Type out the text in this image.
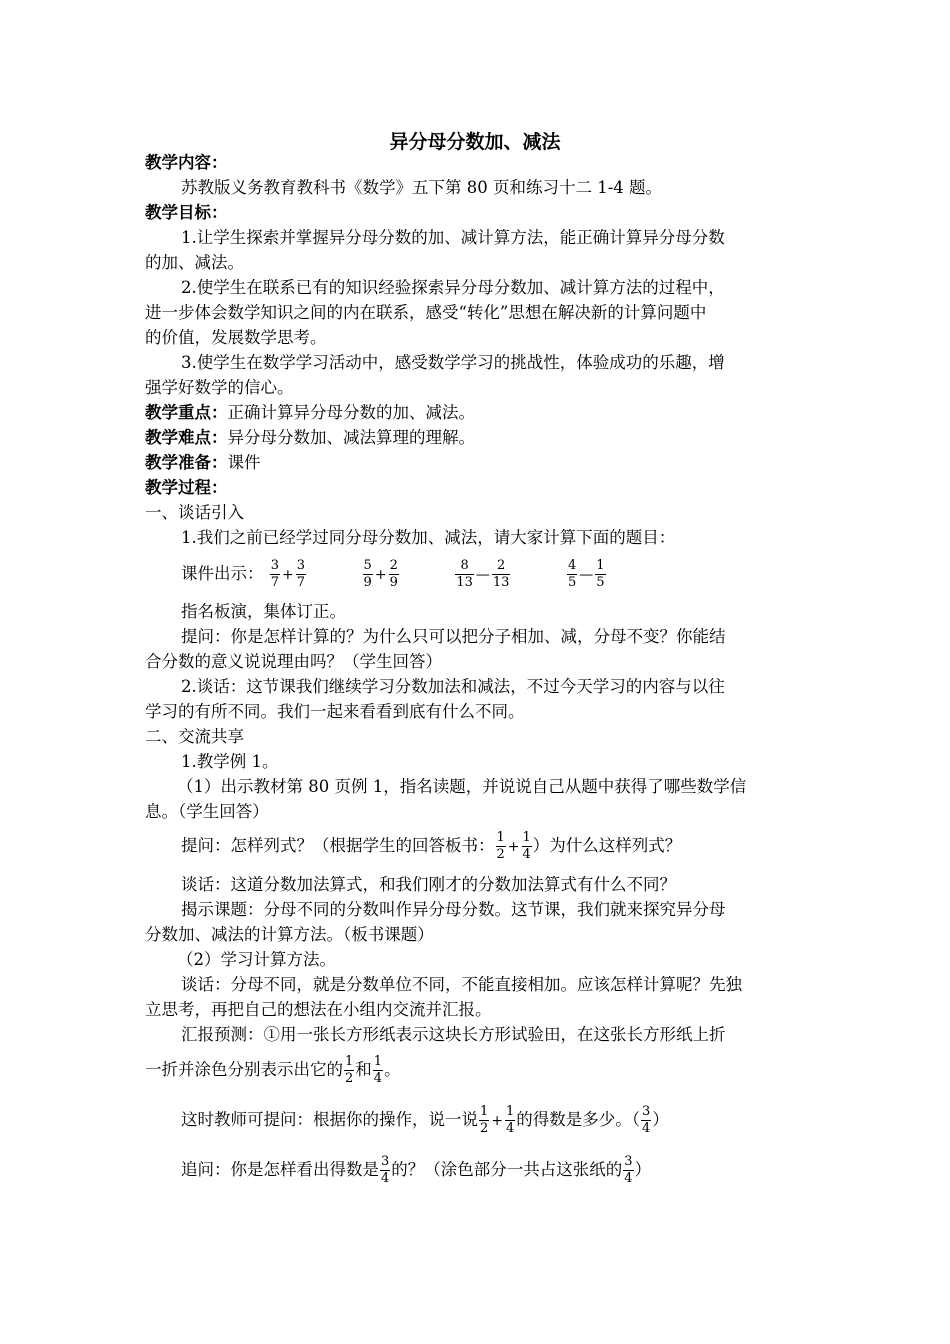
异分母分数加、减法
教学内容：
苏教版义务教育教科书《数学》五下第 80 页和练习十二 1-4 题。
教学目标：
1.让学生探索并掌握异分母分数的加、减计算方法，能正确计算异分母分数
的加、减法。
2.使学生在联系已有的知识经验探索异分母分数加、减计算方法的过程中，
进一步体会数学知识之间的内在联系，感受“转化”思想在解决新的计算问题中
的价值，发展数学思考。
3.使学生在数学学习活动中，感受数学学习的挑战性，体验成功的乐趣，增
强学好数学的信心。
教学重点：正确计算异分母分数的加、减法。
教学难点：异分母分数加、减法算理的理解。
教学准备：课件
教学过程：
一、谈话引入
1.我们之前已经学过同分母分数加、减法，请大家计算下面的题目：
课件出示： $\frac{3}{7} + \frac{3}{7}$
	$\frac{5}{9} + \frac{2}{9}$
	$\frac{8}{13}$ — $\frac{2}{13}$
	$\frac{4}{5}$ — $\frac{1}{5}$
指名板演，集体订正。
提问：你是怎样计算的？为什么只可以把分子相加、减，分母不变？你能结
合分数的意义说说理由吗？（学生回答）
2.谈话：这节课我们继续学习分数加法和减法，不过今天学习的内容与以往
学习的有所不同。我们一起来看看到底有什么不同。
二、交流共享
1.教学例 1。
（1）出示教材第 80 页例 1，指名读题，并说说自己从题中获得了哪些数学信
息。（学生回答）
提问：怎样列式？（根据学生的回答板书： $\frac{1}{2} + \frac{1}{4}$ ）为什么这样列式？
谈话：这道分数加法算式，和我们刚才的分数加法算式有什么不同？
揭示课题：分母不同的分数叫作异分母分数。这节课，我们就来探究异分母
分数加、减法的计算方法。（板书课题）
（2）学习计算方法。
谈话：分母不同，就是分数单位不同，不能直接相加。应该怎样计算呢？先独
立思考，再把自己的想法在小组内交流并汇报。
汇报预测：①用一张长方形纸表示这块长方形试验田，在这张长方形纸上折
一折并涂色分别表示出它的 $\frac{1}{2}$ 和 $\frac{1}{4}$ 。
这时教师可提问：根据你的操作，说一说 $\frac{1}{2} + \frac{1}{4}$ 的得数是多少。（ $\frac{3}{4}$ ）
追问：你是怎样看出得数是 $\frac{3}{4}$ 的？（涂色部分一共占这张纸的 $\frac{3}{4}$ ）
